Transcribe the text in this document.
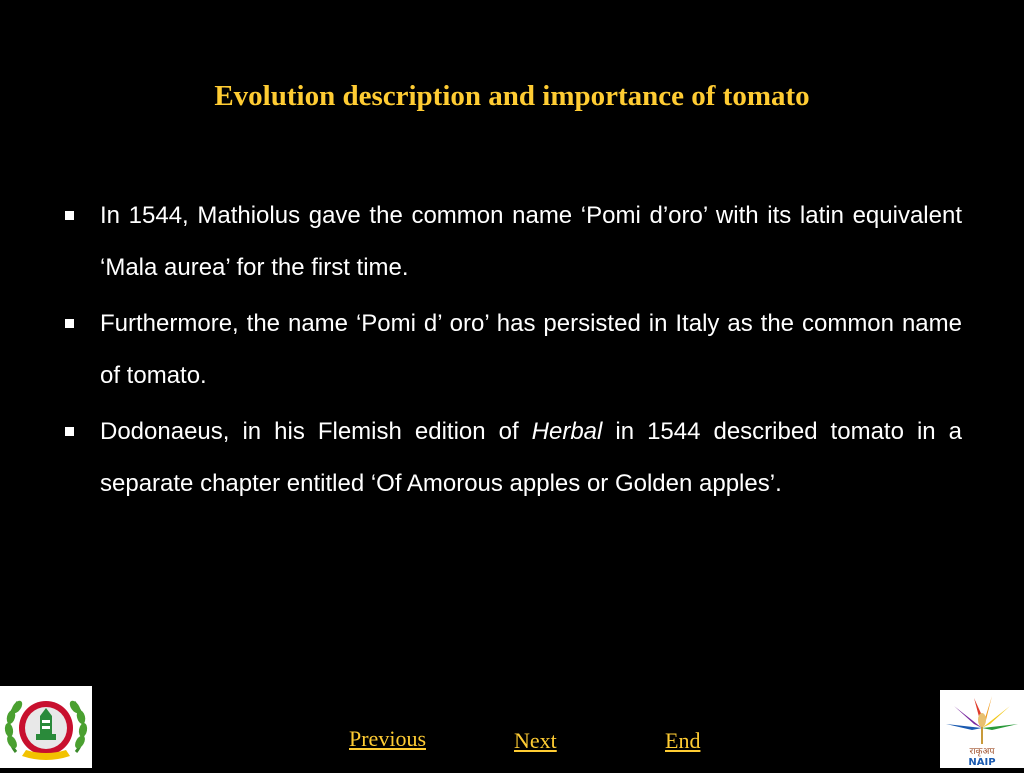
Evolution description and importance of tomato
In 1544, Mathiolus gave the common name ‘Pomi d’oro’ with its latin equivalent ‘Mala aurea’ for the first time.
Furthermore, the name ‘Pomi d’ oro’ has persisted in Italy as the common name of tomato.
Dodonaeus, in his Flemish edition of Herbal in 1544 described tomato in a separate chapter entitled ‘Of Amorous apples or Golden apples’.
Previous	Next	End	राकृअप
NAIP
